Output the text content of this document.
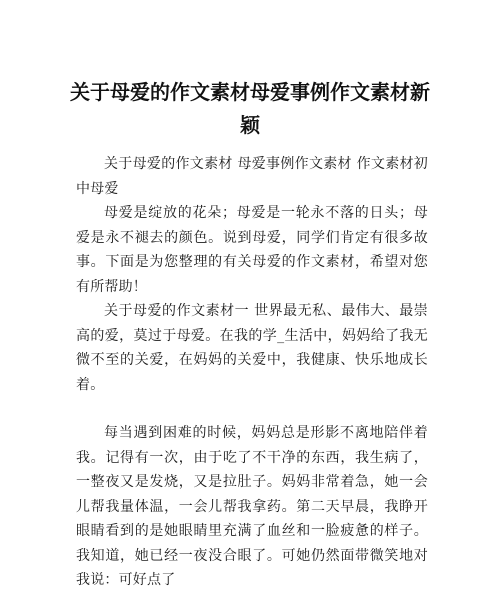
关于母爱的作文素材母爱事例作文素材新颖

关于母爱的作文素材 母爱事例作文素材 作文素材初中母爱

母爱是绽放的花朵；母爱是一轮永不落的日头；母爱是永不褪去的颜色。说到母爱，同学们肯定有很多故事。下面是为您整理的有关母爱的作文素材，希望对您有所帮助！

关于母爱的作文素材一 世界最无私、最伟大、最崇高的爱，莫过于母爱。在我的学_生活中，妈妈给了我无微不至的关爱，在妈妈的关爱中，我健康、快乐地成长着。

每当遇到困难的时候，妈妈总是形影不离地陪伴着我。记得有一次，由于吃了不干净的东西，我生病了，一整夜又是发烧，又是拉肚子。妈妈非常着急，她一会儿帮我量体温，一会儿帮我拿药。第二天早晨，我睁开眼睛看到的是她眼睛里充满了血丝和一脸疲惫的样子。我知道，她已经一夜没合眼了。可她仍然面带微笑地对我说：可好点了
